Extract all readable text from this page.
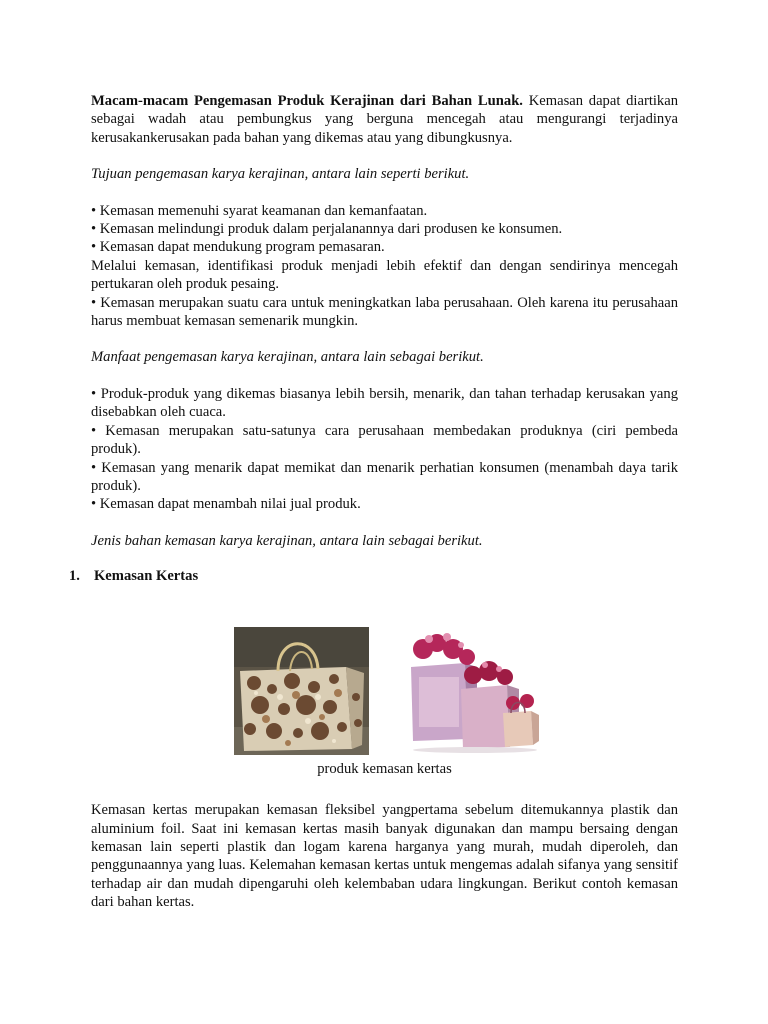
Macam-macam Pengemasan Produk Kerajinan dari Bahan Lunak. Kemasan dapat diartikan sebagai wadah atau pembungkus yang berguna mencegah atau mengurangi terjadinya kerusakankerusakan pada bahan yang dikemas atau yang dibungkusnya.

Tujuan pengemasan karya kerajinan, antara lain seperti berikut.

• Kemasan memenuhi syarat keamanan dan kemanfaatan.

• Kemasan melindungi produk dalam perjalanannya dari produsen ke konsumen.

• Kemasan dapat mendukung program pemasaran.

Melalui kemasan, identifikasi produk menjadi lebih efektif dan dengan sendirinya mencegah pertukaran oleh produk pesaing.

• Kemasan merupakan suatu cara untuk meningkatkan laba perusahaan. Oleh karena itu perusahaan harus membuat kemasan semenarik mungkin.

Manfaat pengemasan karya kerajinan, antara lain sebagai berikut.

• Produk-produk yang dikemas biasanya lebih bersih, menarik, dan tahan terhadap kerusakan yang disebabkan oleh cuaca.

• Kemasan merupakan satu-satunya cara perusahaan membedakan produknya (ciri pembeda produk).

• Kemasan yang menarik dapat memikat dan menarik perhatian konsumen (menambah daya tarik produk).

• Kemasan dapat menambah nilai jual produk.

Jenis bahan kemasan karya kerajinan, antara lain sebagai berikut.

1. Kemasan Kertas

produk kemasan kertas

Kemasan kertas merupakan kemasan fleksibel yangpertama sebelum ditemukannya plastik dan aluminium foil. Saat ini kemasan kertas masih banyak digunakan dan mampu bersaing dengan kemasan lain seperti plastik dan logam karena harganya yang murah, mudah diperoleh, dan penggunaannya yang luas. Kelemahan kemasan kertas untuk mengemas adalah sifanya yang sensitif terhadap air dan mudah dipengaruhi oleh kelembaban udara lingkungan. Berikut contoh kemasan dari bahan kertas.
